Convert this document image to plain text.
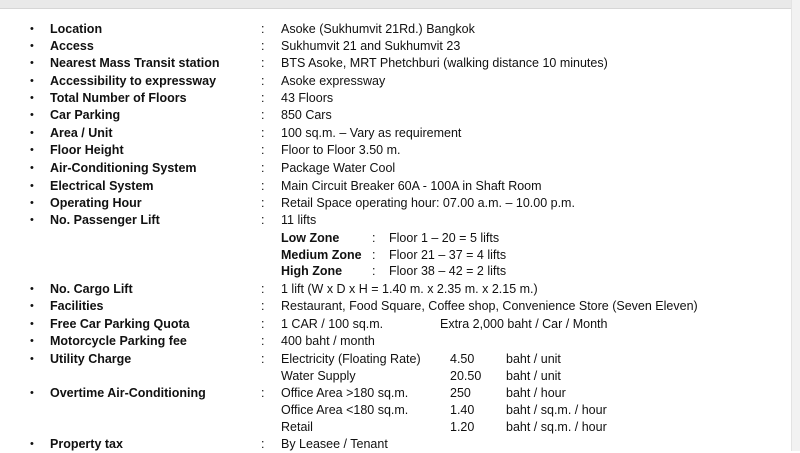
• Location	: Asoke (Sukhumvit 21Rd.) Bangkok
• Access	: Sukhumvit 21 and Sukhumvit 23
• Nearest Mass Transit station	: BTS Asoke, MRT Phetchburi (walking distance 10 minutes)
• Accessibility to expressway	: Asoke expressway
• Total Number of Floors	: 43 Floors
• Car Parking	: 850 Cars
• Area / Unit	: 100 sq.m. – Vary as requirement
• Floor Height	: Floor to Floor 3.50 m.
• Air-Conditioning System	: Package Water Cool
• Electrical System	: Main Circuit Breaker 60A - 100A in Shaft Room
• Operating Hour	: Retail Space operating hour: 07.00 a.m. – 10.00 p.m.
• No. Passenger Lift	: 11 lifts
Low Zone	: Floor 1 – 20 = 5 lifts
Medium Zone : Floor 21 – 37 = 4 lifts
High Zone : Floor 38 – 42 = 2 lifts
• No. Cargo Lift	: 1 lift (W x D x H = 1.40 m. x 2.35 m. x 2.15 m.)
• Facilities	: Restaurant, Food Square, Coffee shop, Convenience Store (Seven Eleven)
• Free Car Parking Quota	: 1 CAR / 100 sq.m.	Extra 2,000 baht / Car / Month
• Motorcycle Parking fee	: 400 baht / month
• Utility Charge	: Electricity (Floating Rate) 4.50	baht / unit
Water Supply	20.50 baht / unit
• Overtime Air-Conditioning	: Office Area >180 sq.m.	250	baht / hour
Office Area <180 sq.m.	1.40	baht / sq.m. / hour
Retail	1.20	baht / sq.m. / hour
• Property tax	: By Leasee / Tenant
